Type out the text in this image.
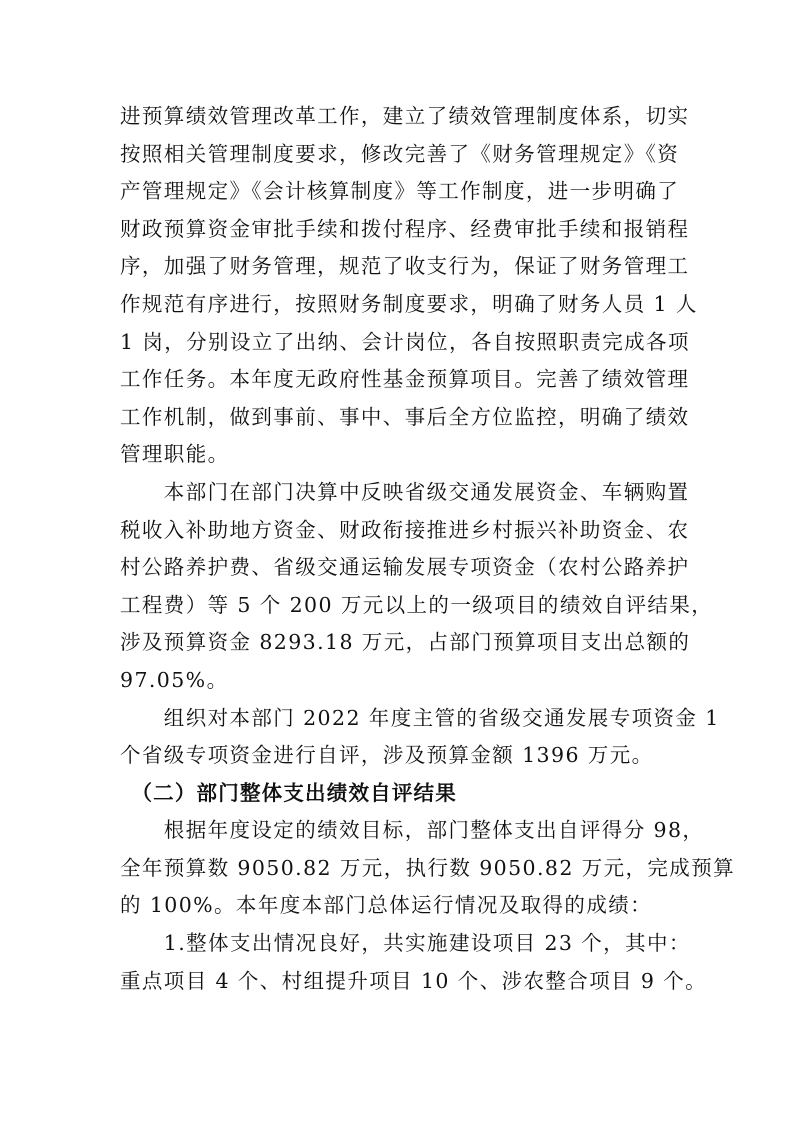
进预算绩效管理改革工作，建立了绩效管理制度体系，切实
按照相关管理制度要求，修改完善了《财务管理规定》《资
产管理规定》《会计核算制度》等工作制度，进一步明确了
财政预算资金审批手续和拨付程序、经费审批手续和报销程
序，加强了财务管理，规范了收支行为，保证了财务管理工
作规范有序进行，按照财务制度要求，明确了财务人员 1 人
1 岗，分别设立了出纳、会计岗位，各自按照职责完成各项
工作任务。本年度无政府性基金预算项目。完善了绩效管理
工作机制，做到事前、事中、事后全方位监控，明确了绩效
管理职能。
　　本部门在部门决算中反映省级交通发展资金、车辆购置
税收入补助地方资金、财政衔接推进乡村振兴补助资金、农
村公路养护费、省级交通运输发展专项资金（农村公路养护
工程费）等 5 个 200 万元以上的一级项目的绩效自评结果，
涉及预算资金 8293.18 万元，占部门预算项目支出总额的
97.05%。
　　组织对本部门 2022 年度主管的省级交通发展专项资金 1
个省级专项资金进行自评，涉及预算金额 1396 万元。
　（二）部门整体支出绩效自评结果
　　根据年度设定的绩效目标，部门整体支出自评得分 98，
全年预算数 9050.82 万元，执行数 9050.82 万元，完成预算
的 100%。本年度本部门总体运行情况及取得的成绩：
　　1.整体支出情况良好，共实施建设项目 23 个，其中：
重点项目 4 个、村组提升项目 10 个、涉农整合项目 9 个。
